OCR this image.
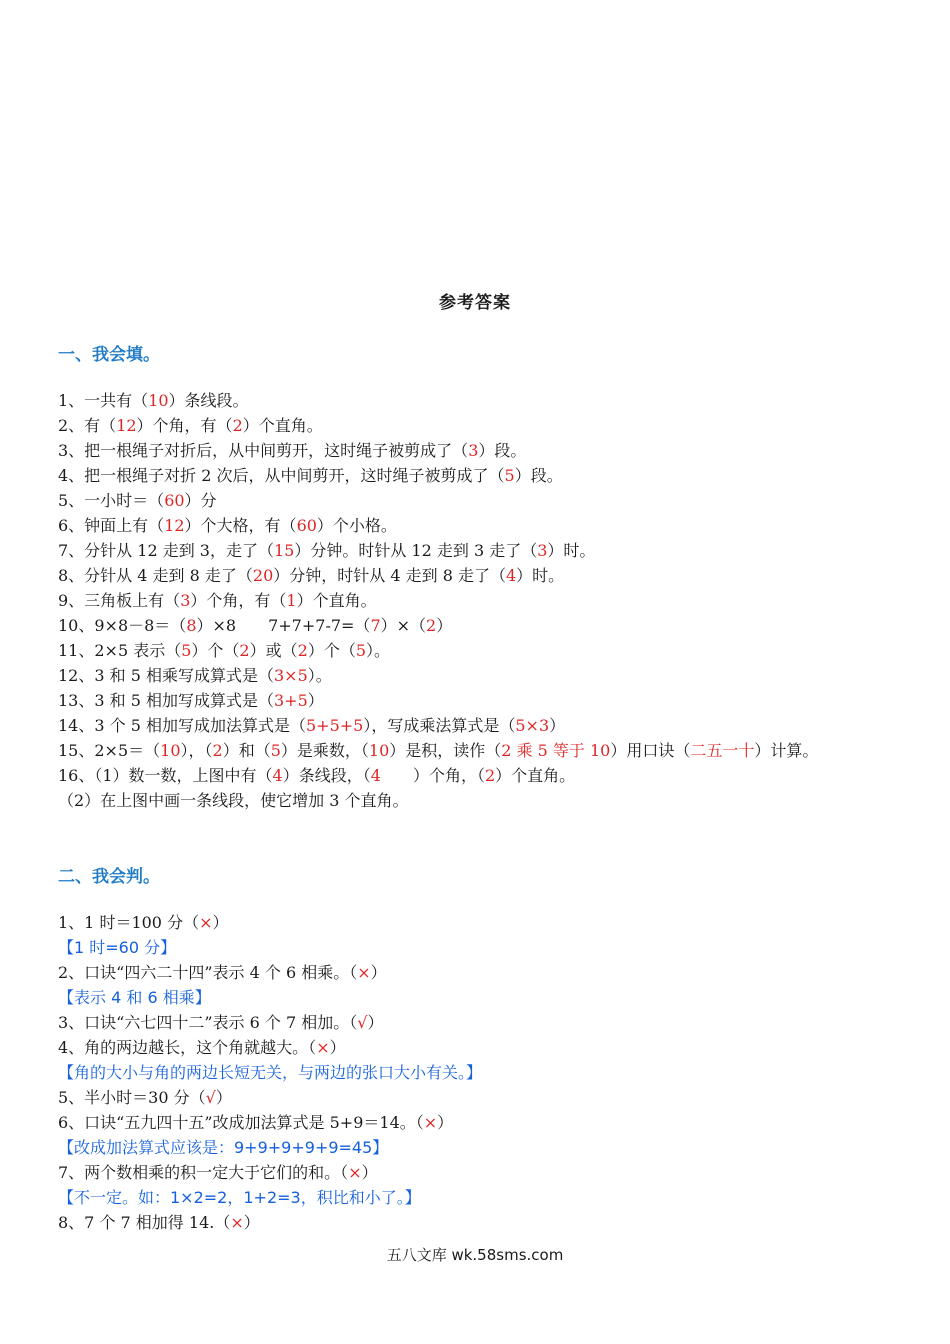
参考答案
一、我会填。
1、一共有（10）条线段。
2、有（12）个角，有（2）个直角。
3、把一根绳子对折后，从中间剪开，这时绳子被剪成了（3）段。
4、把一根绳子对折 2 次后，从中间剪开，这时绳子被剪成了（5）段。
5、一小时＝（60）分
6、钟面上有（12）个大格，有（60）个小格。
7、分针从 12 走到 3，走了（15）分钟。时针从 12 走到 3 走了（3）时。
8、分针从 4 走到 8 走了（20）分钟，时针从 4 走到 8 走了（4）时。
9、三角板上有（3）个角，有（1）个直角。
10、9×8－8＝（8）×8　　7+7+7-7=（7）×（2）
11、2×5 表示（5）个（2）或（2）个（5）。
12、3 和 5 相乘写成算式是（3×5）。
13、3 和 5 相加写成算式是（3+5）
14、3 个 5 相加写成加法算式是（5+5+5），写成乘法算式是（5×3）
15、2×5＝（10），（2）和（5）是乘数，（10）是积，读作（2 乘 5 等于 10）用口诀（二五一十）计算。
16、（1）数一数，上图中有（4）条线段，（4　　）个角，（2）个直角。
（2）在上图中画一条线段，使它增加 3 个直角。
二、我会判。
1、1 时＝100 分（×）
【1 时=60 分】
2、口诀“四六二十四”表示 4 个 6 相乘。（×）
【表示 4 和 6 相乘】
3、口诀“六七四十二”表示 6 个 7 相加。（√）
4、角的两边越长，这个角就越大。（×）
【角的大小与角的两边长短无关，与两边的张口大小有关。】
5、半小时＝30 分（√）
6、口诀“五九四十五”改成加法算式是 5+9＝14。（×）
【改成加法算式应该是：9+9+9+9+9=45】
7、两个数相乘的积一定大于它们的和。（×）
【不一定。如：1×2=2，1+2=3，积比和小了。】
8、7 个 7 相加得 14.（×）
五八文库 wk.58sms.com
